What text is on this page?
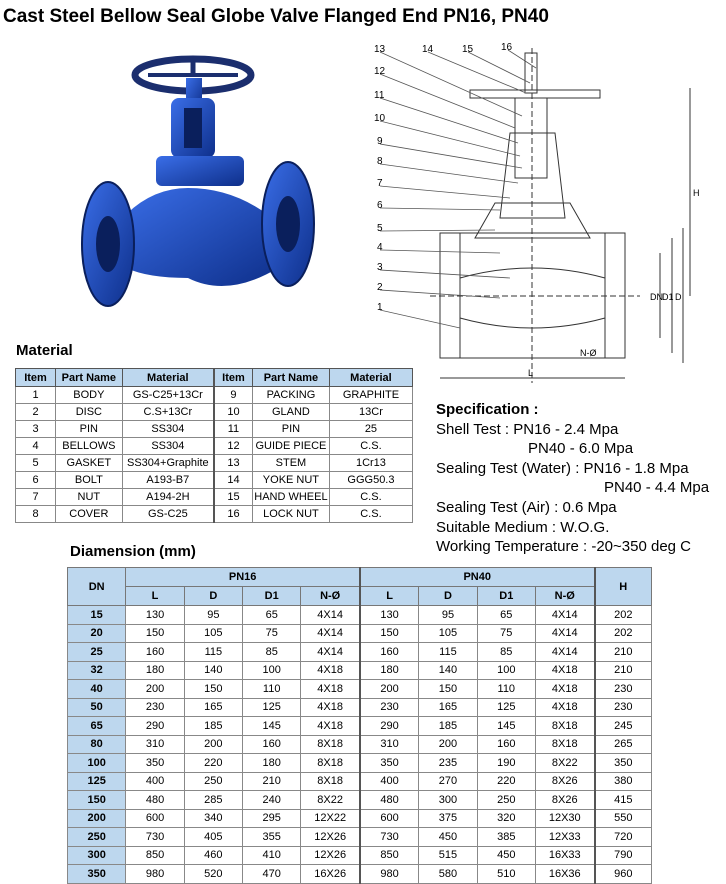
Cast Steel Bellow Seal Globe Valve Flanged End PN16, PN40
13	14	15	16
12
11
10
9
8
7
6
5
4
3
2
1
H
DN D1 D
L
N-Ø
Material
Item	Part Name	Material	Item	Part Name	Material
1	BODY	GS-C25+13Cr	9	PACKING	GRAPHITE
2	DISC	C.S+13Cr	10	GLAND	13Cr
3	PIN	SS304	11	PIN	25
4	BELLOWS	SS304	12	GUIDE PIECE	C.S.
5	GASKET	SS304+Graphite	13	STEM	1Cr13
6	BOLT	A193-B7	14	YOKE NUT	GGG50.3
7	NUT	A194-2H	15	HAND WHEEL	C.S.
8	COVER	GS-C25	16	LOCK NUT	C.S.
Specification :
Shell Test : PN16 - 2.4 Mpa
PN40 - 6.0 Mpa
Sealing Test (Water) : PN16 - 1.8 Mpa
PN40 - 4.4 Mpa
Sealing Test (Air) : 0.6 Mpa
Suitable Medium : W.O.G.
Working Temperature : -20~350 deg C
Diamension (mm)
DN	PN16				PN40				H
	L	D	D1	N-Ø	L	D	D1	N-Ø	
15	130	95	65	4X14	130	95	65	4X14	202
20	150	105	75	4X14	150	105	75	4X14	202
25	160	115	85	4X14	160	115	85	4X14	210
32	180	140	100	4X18	180	140	100	4X18	210
40	200	150	110	4X18	200	150	110	4X18	230
50	230	165	125	4X18	230	165	125	4X18	230
65	290	185	145	4X18	290	185	145	8X18	245
80	310	200	160	8X18	310	200	160	8X18	265
100	350	220	180	8X18	350	235	190	8X22	350
125	400	250	210	8X18	400	270	220	8X26	380
150	480	285	240	8X22	480	300	250	8X26	415
200	600	340	295	12X22	600	375	320	12X30	550
250	730	405	355	12X26	730	450	385	12X33	720
300	850	460	410	12X26	850	515	450	16X33	790
350	980	520	470	16X26	980	580	510	16X36	960
